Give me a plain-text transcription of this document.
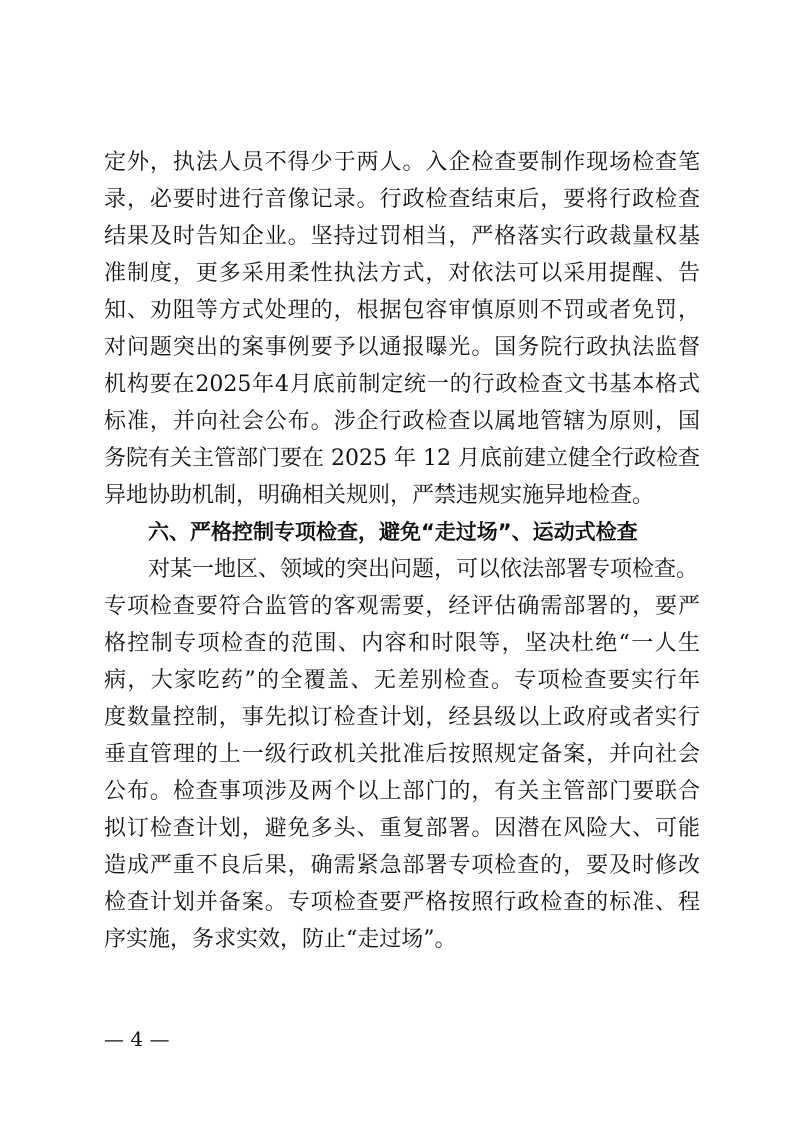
定外，执法人员不得少于两人。入企检查要制作现场检查笔
录，必要时进行音像记录。行政检查结束后，要将行政检查
结果及时告知企业。坚持过罚相当，严格落实行政裁量权基
准制度，更多采用柔性执法方式，对依法可以采用提醒、告
知、劝阻等方式处理的，根据包容审慎原则不罚或者免罚，
对问题突出的案事例要予以通报曝光。国务院行政执法监督
机构要在2025年4月底前制定统一的行政检查文书基本格式
标准，并向社会公布。涉企行政检查以属地管辖为原则，国
务院有关主管部门要在 2025 年 12 月底前建立健全行政检查
异地协助机制，明确相关规则，严禁违规实施异地检查。
六、严格控制专项检查，避免“走过场”、运动式检查
对某一地区、领域的突出问题，可以依法部署专项检查。
专项检查要符合监管的客观需要，经评估确需部署的，要严
格控制专项检查的范围、内容和时限等，坚决杜绝“一人生
病，大家吃药”的全覆盖、无差别检查。专项检查要实行年
度数量控制，事先拟订检查计划，经县级以上政府或者实行
垂直管理的上一级行政机关批准后按照规定备案，并向社会
公布。检查事项涉及两个以上部门的，有关主管部门要联合
拟订检查计划，避免多头、重复部署。因潜在风险大、可能
造成严重不良后果，确需紧急部署专项检查的，要及时修改
检查计划并备案。专项检查要严格按照行政检查的标准、程
序实施，务求实效，防止“走过场”。
— 4 —
